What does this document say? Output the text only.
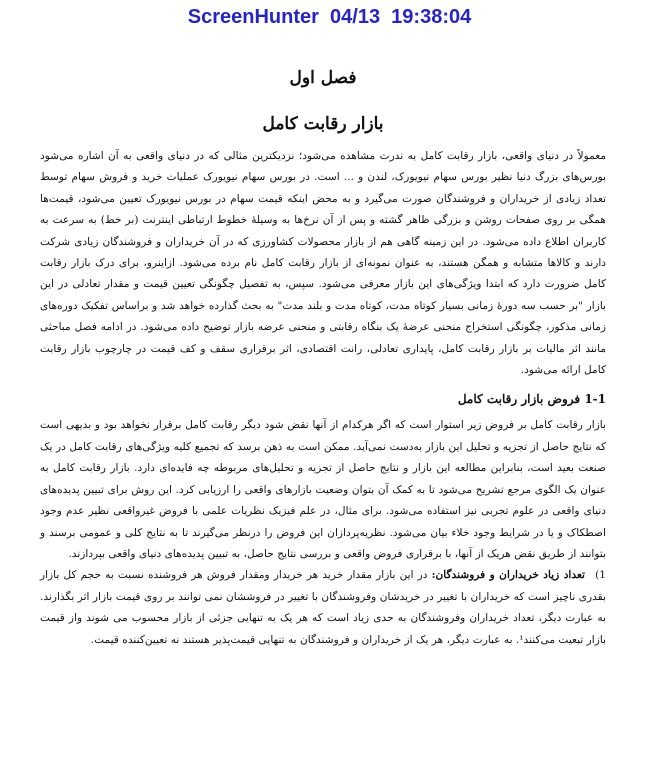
ScreenHunter  04/13  19:38:04
فصل اول
بازار رقابت کامل

معمولاً در دنیای واقعی، بازار رقابت کامل به ندرت مشاهده می‌شود؛ نزدیکترین مثالی که در دنیای واقعی به آن اشاره می‌شود بورس‌های بزرگ دنیا نظیر بورس سهام نیویورک، لندن و ... است. در بورس سهام نیویورک عملیات خرید و فروش سهام توسط تعداد زیادی از خریداران و فروشندگان صورت می‌گیرد و به محض اینکه قیمت سهام در بورس نیویورک تعیین می‌شود، قیمت‌ها همگی بر روی صفحات روشن و بزرگی ظاهر گشته و پس از آن نرخ‌ها به وسیلهٔ خطوط ارتباطی اینترنت (بر خط) به سرعت به کاربران اطلاع داده می‌شود. در این زمینه گاهی هم از بازار محصولات کشاورزی که در آن خریداران و فروشندگان زیادی شرکت دارند و کالاها متشابه و همگن هستند، به عنوان نمونه‌ای از بازار رقابت کامل نام برده می‌شود. ازاینرو، برای درک بازار رقابت کامل ضرورت دارد که ابتدا ویژگی‌های این بازار معرفی می‌شود. سپس، به تفصیل چگونگی تعیین قیمت و مقدار تعادلی در این بازار "بر حسب سه دورهٔ زمانی بسیار کوتاه مدت، کوتاه مدت و بلند مدت" به بحث گذارده خواهد شد و براساس تفکیک دوره‌های زمانی مذکور، چگونگی استخراج منحنی عرضهٔ یک بنگاه رقابتی و منحنی عرضه بازار توضیح داده می‌شود. در ادامه فصل مباحثی مانند اثر مالیات بر بازار رقابت کامل، پایداری تعادلی، رانت اقتصادی، اثر برقراری سقف و کف قیمت در چارچوب بازار رقابت کامل ارائه می‌شود.

1-1 فروض بازار رقابت کامل

بازار رقابت کامل بر فروض زیر استوار است که اگر هرکدام از آنها نقض شود دیگر رقابت کامل برقرار نخواهد بود و بدیهی است که نتایج حاصل از تجزیه و تحلیل این بازار به‌دست نمی‌آید. ممکن است به ذهن برسد که تجمیع کلیه ویژگی‌های رقابت کامل در یک صنعت بعید است، بنابراین مطالعه این بازار و نتایج حاصل از تجزیه و تحلیل‌های مربوطه چه فایده‌ای دارد. بازار رقابت کامل به عنوان یک الگوی مرجع تشریح می‌شود تا به کمک آن بتوان وضعیت بازارهای واقعی را ارزیابی کرد. این روش برای تبیین پدیده‌های دنیای واقعی در علوم تجربی نیز استفاده می‌شود. برای مثال، در علم فیزیک نظریات علمی با فروض غیرواقعی نظیر عدم وجود اصطکاک و یا در شرایط وجود خلاء بیان می‌شود. نظریه‌پردازان این فروض را درنظر می‌گیرند تا به نتایج کلی و عمومی برسند و بتوانند از طریق نقض هریک از آنها، با برقراری فروض واقعی و بررسی نتایج حاصل، به تبیین پدیده‌های دنیای واقعی بپردازند.

1) تعداد زیاد خریداران و فروشندگان: در این بازار مقدار خرید هر خریدار ومقدار فروش هر فروشنده نسبت به حجم کل بازار بقدری ناچیز است که خریداران با تغییر در خریدشان وفروشندگان با تغییر در فروششان نمی توانند بر روی قیمت بازار اثر بگذارند. به عبارت دیگر، تعداد خریداران وفروشندگان به حدی زیاد است که هر یک به تنهایی جزئی از بازار محسوب می شوند واز قیمت بازار تبعیت می‌کنند¹. به عبارت دیگر، هر یک از خریداران و فروشندگان به تنهایی قیمت‌پذیر هستند نه تعیین‌کننده قیمت.
